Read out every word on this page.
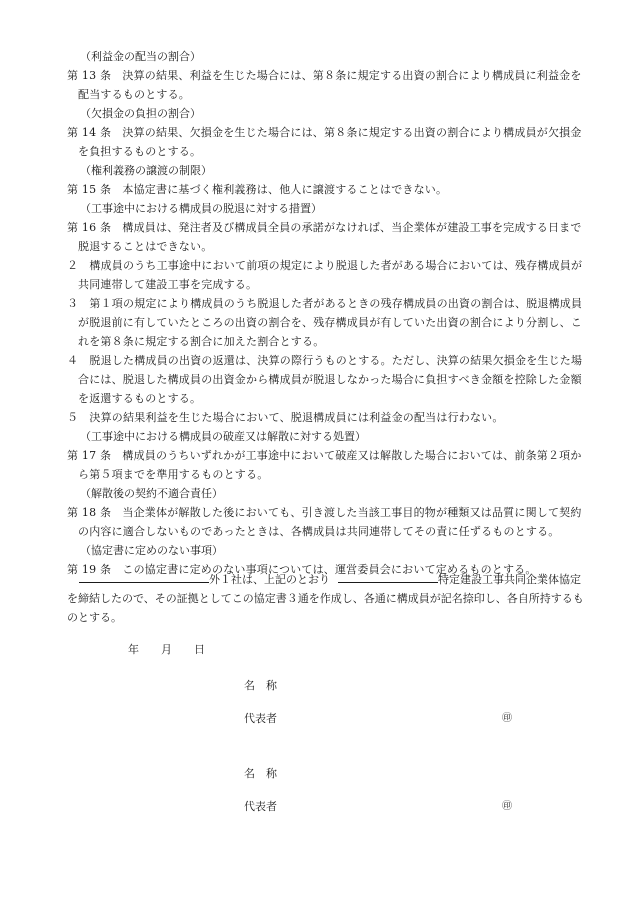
（利益金の配当の割合）
第 13 条　決算の結果、利益を生じた場合には、第８条に規定する出資の割合により構成員に利益金を配当するものとする。
（欠損金の負担の割合）
第 14 条　決算の結果、欠損金を生じた場合には、第８条に規定する出資の割合により構成員が欠損金を負担するものとする。
（権利義務の譲渡の制限）
第 15 条　本協定書に基づく権利義務は、他人に譲渡することはできない。
（工事途中における構成員の脱退に対する措置）
第 16 条　構成員は、発注者及び構成員全員の承諾がなければ、当企業体が建設工事を完成する日まで脱退することはできない。
２　構成員のうち工事途中において前項の規定により脱退した者がある場合においては、残存構成員が共同連帯して建設工事を完成する。
３　第１項の規定により構成員のうち脱退した者があるときの残存構成員の出資の割合は、脱退構成員が脱退前に有していたところの出資の割合を、残存構成員が有していた出資の割合により分割し、これを第８条に規定する割合に加えた割合とする。
４　脱退した構成員の出資の返還は、決算の際行うものとする。ただし、決算の結果欠損金を生じた場合には、脱退した構成員の出資金から構成員が脱退しなかった場合に負担すべき金額を控除した金額を返還するものとする。
５　決算の結果利益を生じた場合において、脱退構成員には利益金の配当は行わない。
（工事途中における構成員の破産又は解散に対する処置）
第 17 条　構成員のうちいずれかが工事途中において破産又は解散した場合においては、前条第２項から第５項までを準用するものとする。
（解散後の契約不適合責任）
第 18 条　当企業体が解散した後においても、引き渡した当該工事目的物が種類又は品質に関して契約の内容に適合しないものであったときは、各構成員は共同連帯してその責に任ずるものとする。
（協定書に定めのない事項）
第 19 条　この協定書に定めのない事項については、運営委員会において定めるものとする。
外１社は、上記のとおり	特定建設工事共同企業体協定を締結したので、その証拠としてこの協定書３通を作成し、各通に構成員が記名捺印し、各自所持するものとする。
年 月 日
名　称
代表者	㊞
名　称
代表者	㊞
